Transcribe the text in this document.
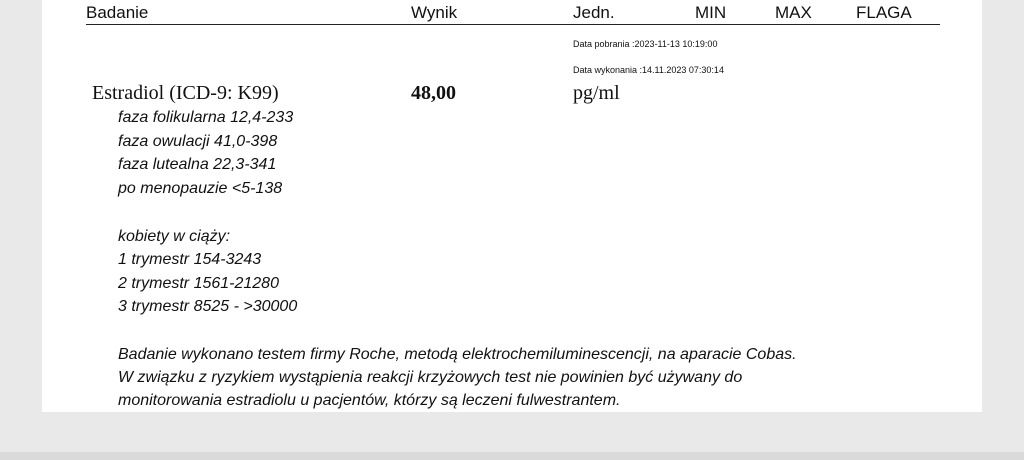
Badanie	Wynik	Jedn.	MIN	MAX	FLAGA
Data pobrania :2023-11-13 10:19:00
Data wykonania :14.11.2023 07:30:14
Estradiol (ICD-9: K99)	48,00	pg/ml
faza folikularna 12,4-233
faza owulacji 41,0-398
faza lutealna 22,3-341
po menopauzie <5-138
kobiety w ciąży:
1 trymestr 154-3243
2 trymestr 1561-21280
3 trymestr 8525 - >30000
Badanie wykonano testem firmy Roche, metodą elektrochemiluminescencji, na aparacie Cobas.
W związku z ryzykiem wystąpienia reakcji krzyżowych test nie powinien być używany do
monitorowania estradiolu u pacjentów, którzy są leczeni fulwestrantem.
